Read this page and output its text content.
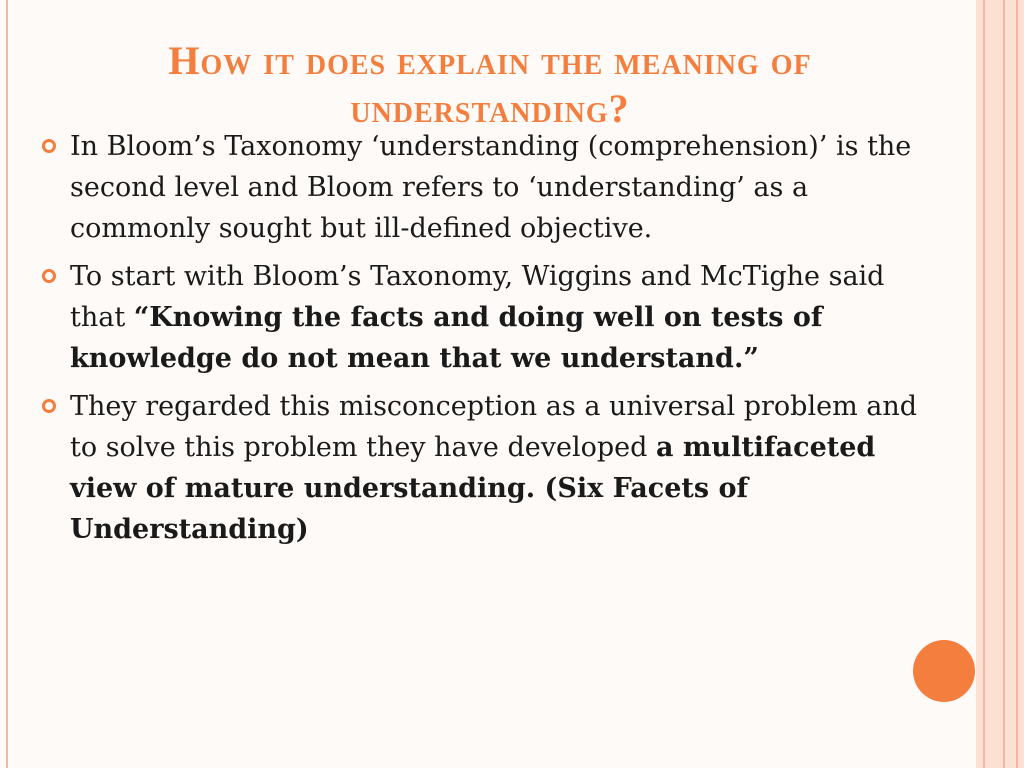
How it does explain the meaning of understanding?
In Bloom’s Taxonomy ‘understanding (comprehension)’ is the second level and Bloom refers to ‘understanding’ as a commonly sought but ill-defined objective.
To start with Bloom’s Taxonomy, Wiggins and McTighe said that “Knowing the facts and doing well on tests of knowledge do not mean that we understand.”
They regarded this misconception as a universal problem and to solve this problem they have developed a multifaceted view of mature understanding. (Six Facets of Understanding)
